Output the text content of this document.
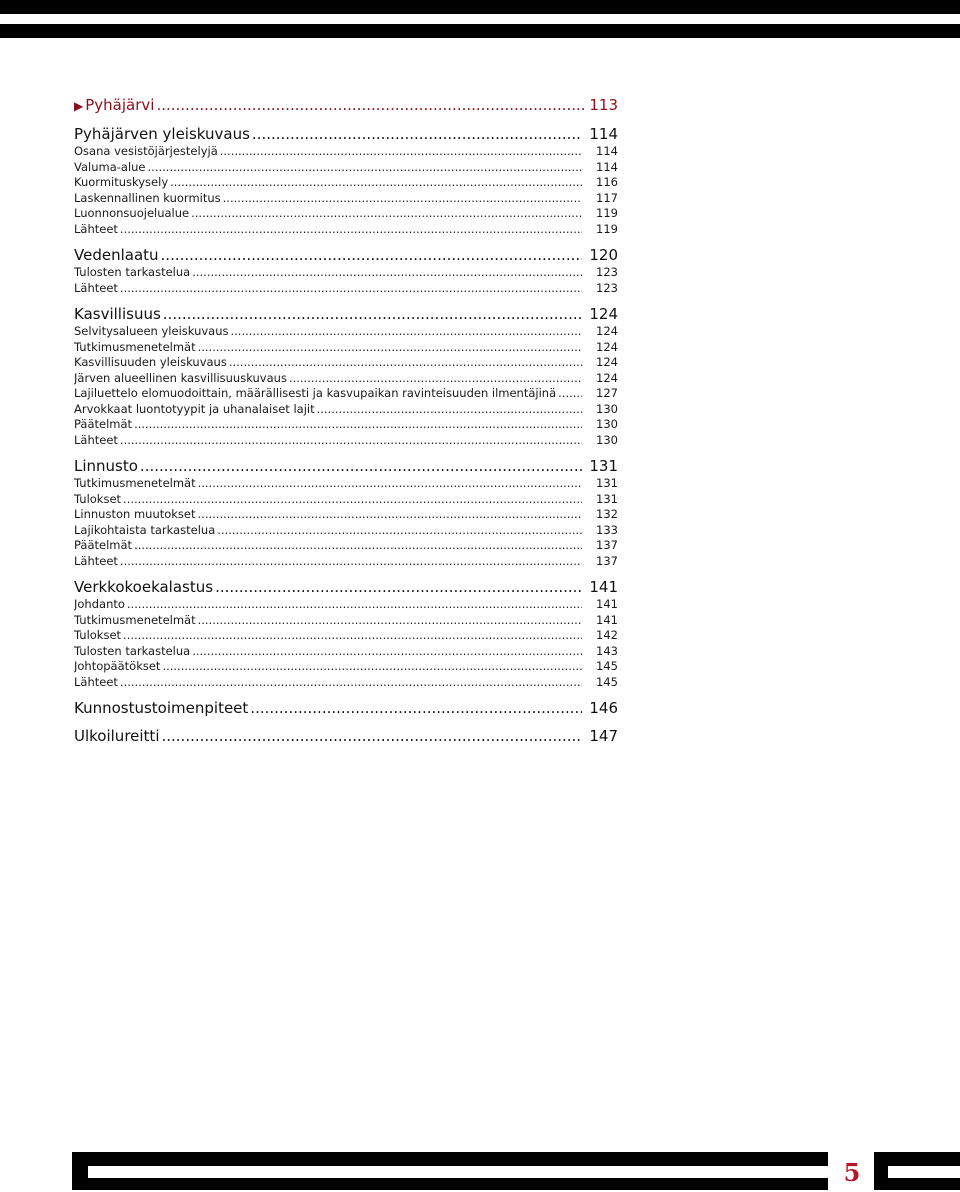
▶ Pyhäjärvi .....	113
Pyhäjärven yleiskuvaus .....	114
Osana vesistöjärjestelyjä .....	114
Valuma-alue .....	114
Kuormituskysely .....	116
Laskennallinen kuormitus .....	117
Luonnonsuojelualue .....	119
Lähteet .....	119
Vedenlaatu .....	120
Tulosten tarkastelua .....	123
Lähteet .....	123
Kasvillisuus .....	124
Selvitysalueen yleiskuvaus .....	124
Tutkimusmenetelmät .....	124
Kasvillisuuden yleiskuvaus .....	124
Järven alueellinen kasvillisuuskuvaus .....	124
Lajiluettelo elomuodoittain, määrällisesti ja kasvupaikan ravinteisuuden ilmentäjinä .....	127
Arvokkaat luontotyypit ja uhanalaiset lajit .....	130
Päätelmät .....	130
Lähteet .....	130
Linnusto .....	131
Tutkimusmenetelmät .....	131
Tulokset .....	131
Linnuston muutokset .....	132
Lajikohtaista tarkastelua .....	133
Päätelmät .....	137
Lähteet .....	137
Verkkokoekalastus .....	141
Johdanto .....	141
Tutkimusmenetelmät .....	141
Tulokset .....	142
Tulosten tarkastelua .....	143
Johtopäätökset .....	145
Lähteet .....	145
Kunnostustoimenpiteet .....	146
Ulkoilureitti .....	147
5
